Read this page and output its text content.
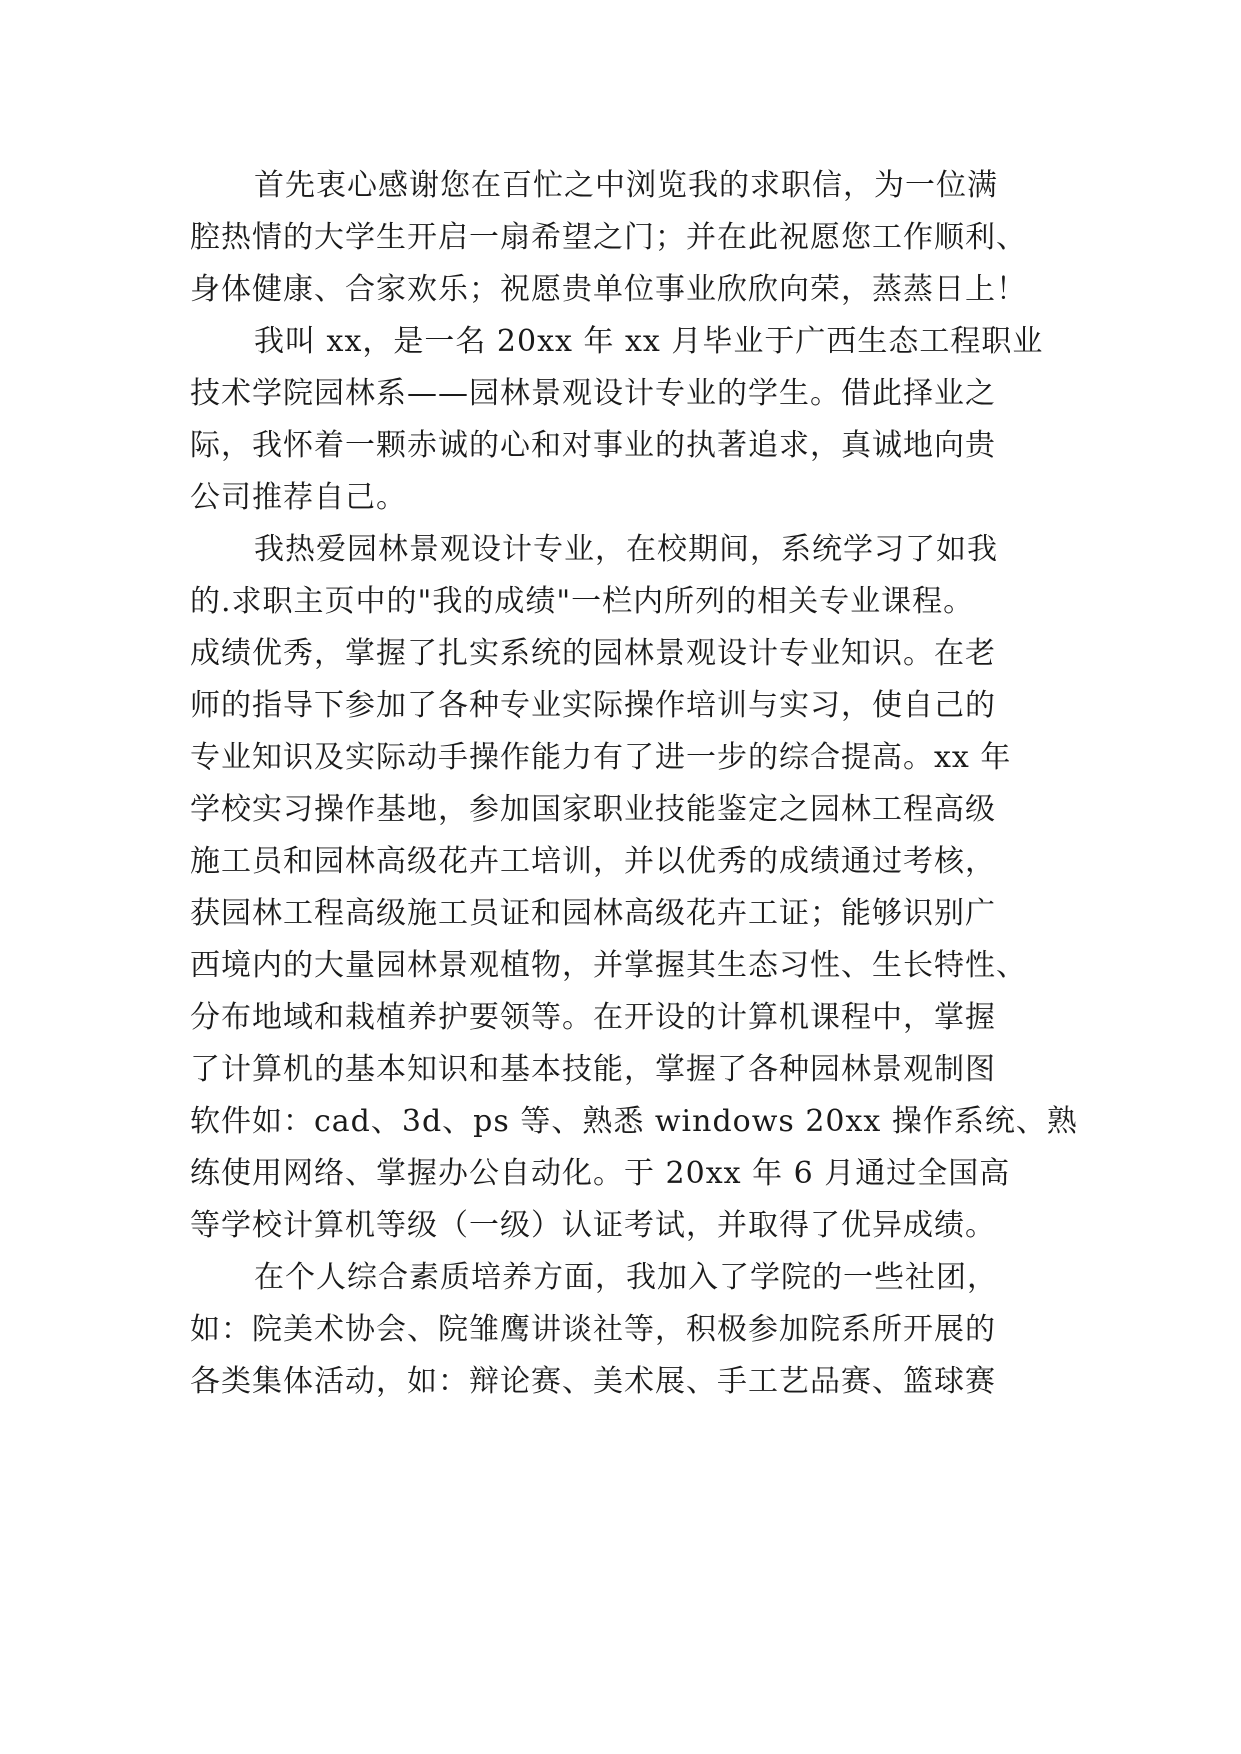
首先衷心感谢您在百忙之中浏览我的求职信，为一位满
腔热情的大学生开启一扇希望之门；并在此祝愿您工作顺利、
身体健康、合家欢乐；祝愿贵单位事业欣欣向荣，蒸蒸日上！
我叫 xx，是一名 20xx 年 xx 月毕业于广西生态工程职业
技术学院园林系——园林景观设计专业的学生。借此择业之
际，我怀着一颗赤诚的心和对事业的执著追求，真诚地向贵
公司推荐自己。
我热爱园林景观设计专业，在校期间，系统学习了如我
的.求职主页中的"我的成绩"一栏内所列的相关专业课程。
成绩优秀，掌握了扎实系统的园林景观设计专业知识。在老
师的指导下参加了各种专业实际操作培训与实习，使自己的
专业知识及实际动手操作能力有了进一步的综合提高。xx 年
学校实习操作基地，参加国家职业技能鉴定之园林工程高级
施工员和园林高级花卉工培训，并以优秀的成绩通过考核，
获园林工程高级施工员证和园林高级花卉工证；能够识别广
西境内的大量园林景观植物，并掌握其生态习性、生长特性、
分布地域和栽植养护要领等。在开设的计算机课程中，掌握
了计算机的基本知识和基本技能，掌握了各种园林景观制图
软件如：cad、3d、ps 等、熟悉 windows 20xx 操作系统、熟
练使用网络、掌握办公自动化。于 20xx 年 6 月通过全国高
等学校计算机等级（一级）认证考试，并取得了优异成绩。
在个人综合素质培养方面，我加入了学院的一些社团，
如：院美术协会、院雏鹰讲谈社等，积极参加院系所开展的
各类集体活动，如：辩论赛、美术展、手工艺品赛、篮球赛
